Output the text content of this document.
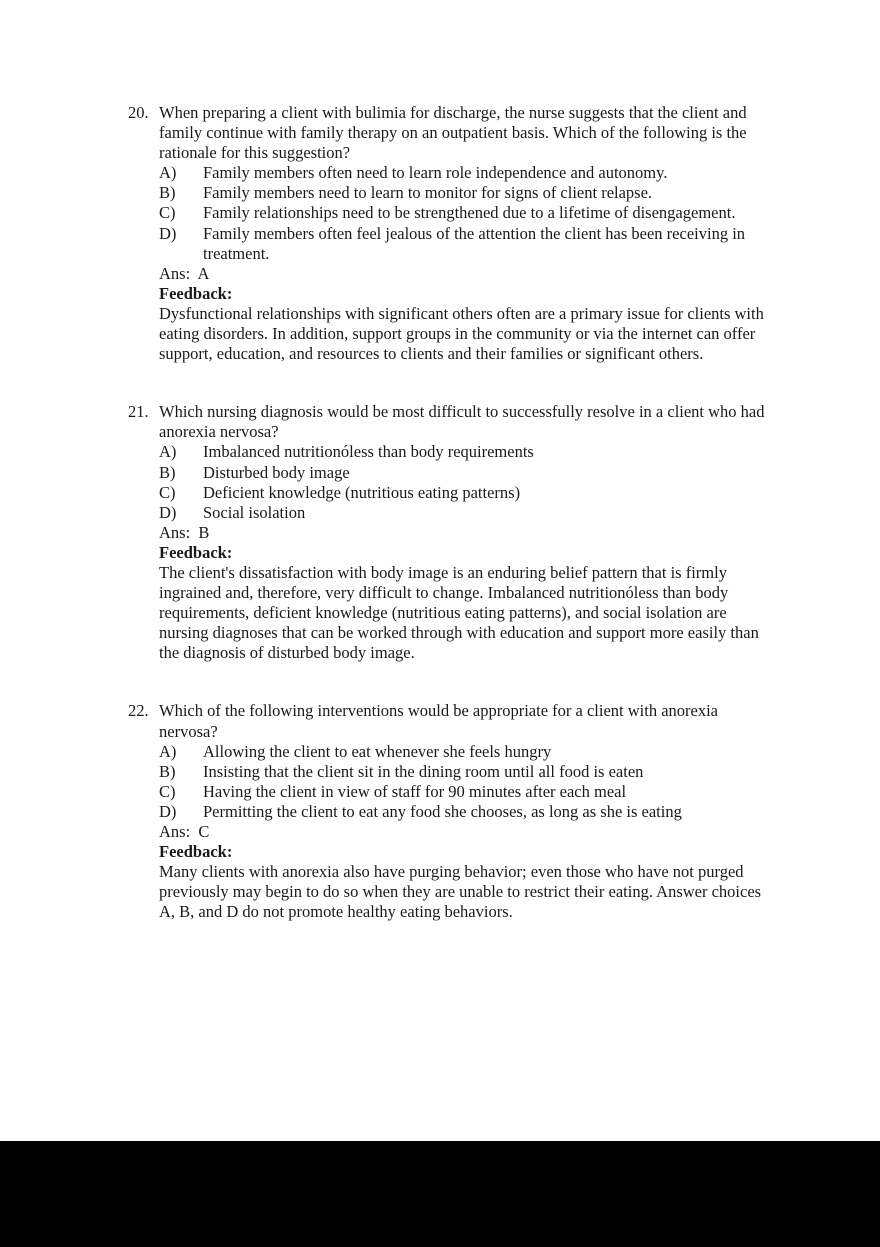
20. When preparing a client with bulimia for discharge, the nurse suggests that the client and family continue with family therapy on an outpatient basis. Which of the following is the rationale for this suggestion?
A)	Family members often need to learn role independence and autonomy.
B)	Family members need to learn to monitor for signs of client relapse.
C)	Family relationships need to be strengthened due to a lifetime of disengagement.
D)	Family members often feel jealous of the attention the client has been receiving in treatment.
Ans:  A
Feedback:
Dysfunctional relationships with significant others often are a primary issue for clients with eating disorders. In addition, support groups in the community or via the internet can offer support, education, and resources to clients and their families or significant others.
21. Which nursing diagnosis would be most difficult to successfully resolve in a client who had anorexia nervosa?
A)	Imbalanced nutritionóless than body requirements
B)	Disturbed body image
C)	Deficient knowledge (nutritious eating patterns)
D)	Social isolation
Ans:  B
Feedback:
The client's dissatisfaction with body image is an enduring belief pattern that is firmly ingrained and, therefore, very difficult to change. Imbalanced nutritionóless than body requirements, deficient knowledge (nutritious eating patterns), and social isolation are nursing diagnoses that can be worked through with education and support more easily than the diagnosis of disturbed body image.
22. Which of the following interventions would be appropriate for a client with anorexia nervosa?
A)	Allowing the client to eat whenever she feels hungry
B)	Insisting that the client sit in the dining room until all food is eaten
C)	Having the client in view of staff for 90 minutes after each meal
D)	Permitting the client to eat any food she chooses, as long as she is eating
Ans:  C
Feedback:
Many clients with anorexia also have purging behavior; even those who have not purged previously may begin to do so when they are unable to restrict their eating. Answer choices A, B, and D do not promote healthy eating behaviors.
